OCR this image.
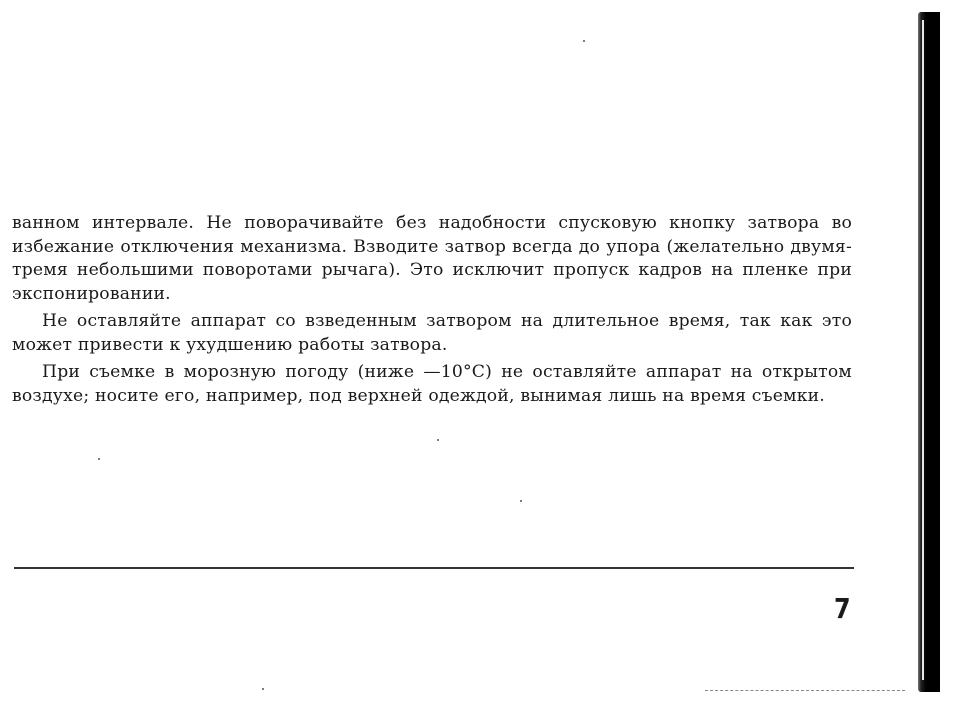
ванном интервале. Не поворачивайте без надобности спусковую кнопку затвора во избежание отключения механизма. Взводите затвор всегда до упора (желательно двумя-тремя небольшими поворотами рычага). Это исключит пропуск кадров на пленке при экспонировании.

Не оставляйте аппарат со взведенным затвором на длительное время, так как это может привести к ухудшению работы затвора.

При съемке в морозную погоду (ниже —10°С) не оставляйте аппарат на открытом воздухе; носите его, например, под верхней одеждой, вынимая лишь на время съемки.

7
